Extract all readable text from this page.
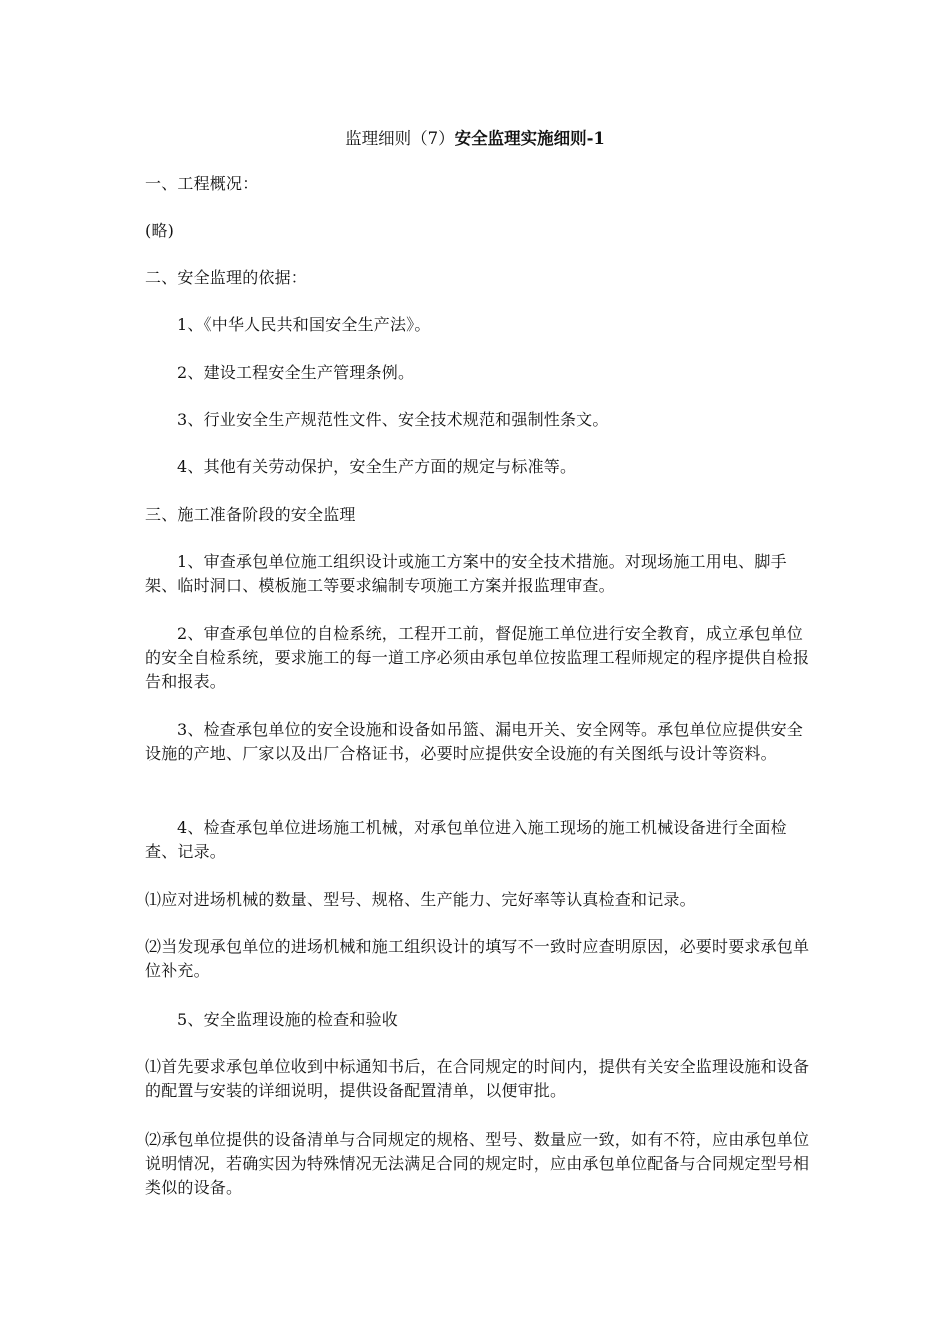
监理细则（7）安全监理实施细则-1

一、工程概况：

(略)

二、安全监理的依据：

1、《中华人民共和国安全生产法》。

2、建设工程安全生产管理条例。

3、行业安全生产规范性文件、安全技术规范和强制性条文。

4、其他有关劳动保护，安全生产方面的规定与标准等。

三、施工准备阶段的安全监理

1、审查承包单位施工组织设计或施工方案中的安全技术措施。对现场施工用电、脚手架、临时洞口、模板施工等要求编制专项施工方案并报监理审查。

2、审查承包单位的自检系统，工程开工前，督促施工单位进行安全教育，成立承包单位的安全自检系统，要求施工的每一道工序必须由承包单位按监理工程师规定的程序提供自检报告和报表。

3、检查承包单位的安全设施和设备如吊篮、漏电开关、安全网等。承包单位应提供安全设施的产地、厂家以及出厂合格证书，必要时应提供安全设施的有关图纸与设计等资料。

4、检查承包单位进场施工机械，对承包单位进入施工现场的施工机械设备进行全面检查、记录。

⑴应对进场机械的数量、型号、规格、生产能力、完好率等认真检查和记录。

⑵当发现承包单位的进场机械和施工组织设计的填写不一致时应查明原因，必要时要求承包单位补充。

5、安全监理设施的检查和验收

⑴首先要求承包单位收到中标通知书后，在合同规定的时间内，提供有关安全监理设施和设备的配置与安装的详细说明，提供设备配置清单，以便审批。

⑵承包单位提供的设备清单与合同规定的规格、型号、数量应一致，如有不符，应由承包单位说明情况，若确实因为特殊情况无法满足合同的规定时，应由承包单位配备与合同规定型号相类似的设备。
